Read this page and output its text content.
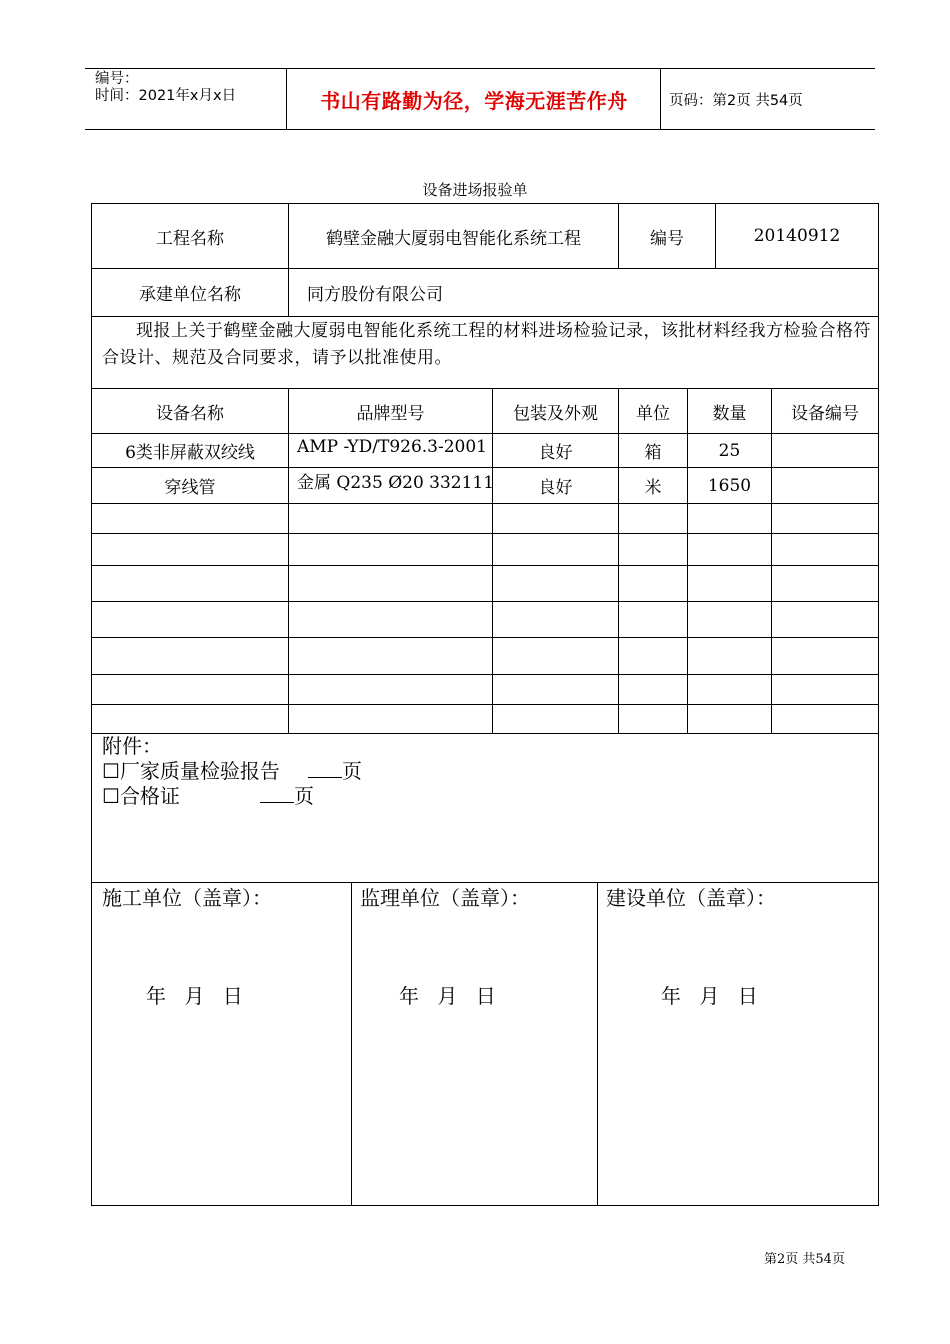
编号：
时间：2021年x月x日	书山有路勤为径，学海无涯苦作舟	页码：第2页 共54页
设备进场报验单
工程名称	鹤壁金融大厦弱电智能化系统工程	编号	20140912
承建单位名称	同方股份有限公司
现报上关于鹤壁金融大厦弱电智能化系统工程的材料进场检验记录，该批材料经我方检验合格符合设计、规范及合同要求，请予以批准使用。
设备名称	品牌型号	包装及外观	单位	数量	设备编号
6类非屏蔽双绞线	AMP -YD/T926.3-2001	良好	箱	25
穿线管	金属 Q235 Ø20 332111	良好	米	1650
附件：
☐厂家质量检验报告	页
☐合格证	页
施工单位（盖章）：	监理单位（盖章）：	建设单位（盖章）：
年 月 日	年 月 日	年 月 日
第2页 共54页
